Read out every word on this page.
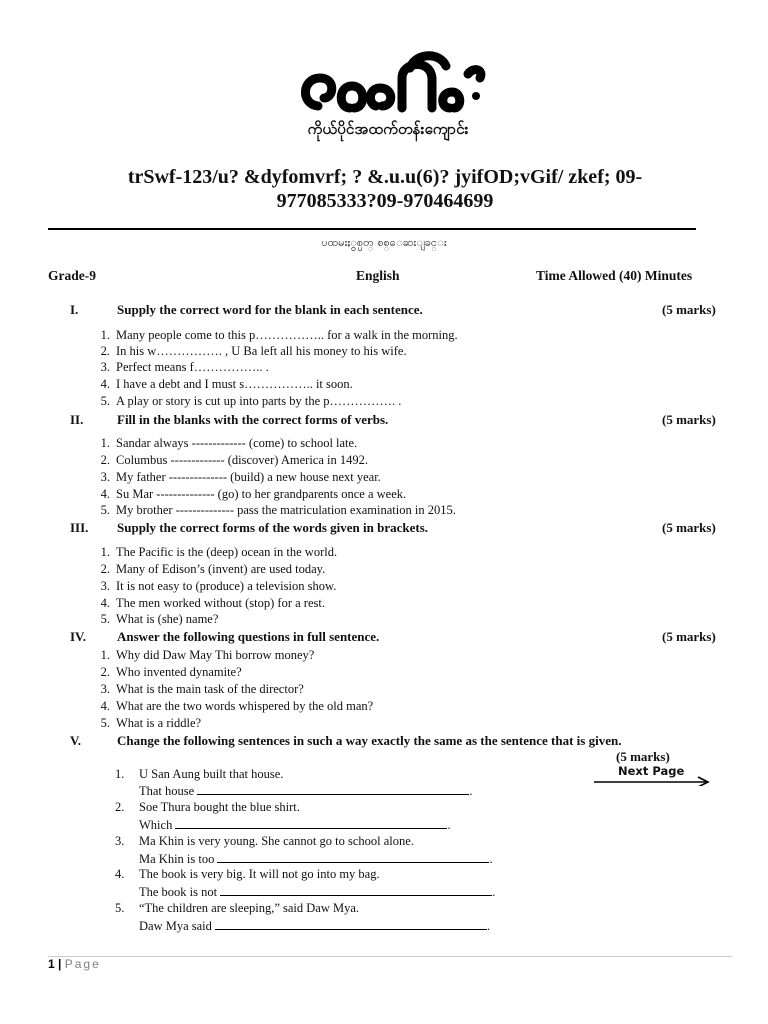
ကိုယ်ပိုင်အထက်တန်းကျောင်း
trSwf-123/u? &dyfomvrf; ? &.u.u(6)? jyifOD;vGif/ zkef; 09-
977085333?09-970464699
ပထမးႏွစ္ပတ္ စစ္ေဆးျခင္း
Grade-9	English	Time Allowed (40) Minutes
I.	Supply the correct word for the blank in each sentence.	(5 marks)
1. Many people come to this p…………….. for a walk in the morning.
2. In his w……………. , U Ba left all his money to his wife.
3. Perfect means f…………….. .
4. I have a debt and I must s…………….. it soon.
5. A play or story is cut up into parts by the p……………. .
II.	Fill in the blanks with the correct forms of verbs.	(5 marks)
1. Sandar always ------------- (come) to school late.
2. Columbus ------------- (discover) America in 1492.
3. My father -------------- (build) a new house next year.
4. Su Mar -------------- (go) to her grandparents once a week.
5. My brother -------------- pass the matriculation examination in 2015.
III. Supply the correct forms of the words given in brackets.	(5 marks)
1. The Pacific is the (deep) ocean in the world.
2. Many of Edison’s (invent) are used today.
3. It is not easy to (produce) a television show.
4. The men worked without (stop) for a rest.
5. What is (she) name?
IV. Answer the following questions in full sentence.	(5 marks)
1. Why did Daw May Thi borrow money?
2. Who invented dynamite?
3. What is the main task of the director?
4. What are the two words whispered by the old man?
5. What is a riddle?
V.	Change the following sentences in such a way exactly the same as the sentence that is given.
(5 marks)
Next Page
1. U San Aung built that house.
That house	.
2. Soe Thura bought the blue shirt.
Which	.
3. Ma Khin is very young. She cannot go to school alone.
Ma Khin is too	.
4. The book is very big. It will not go into my bag.
The book is not	.
5. “The children are sleeping,” said Daw Mya.
Daw Mya said	.
1 | Page
